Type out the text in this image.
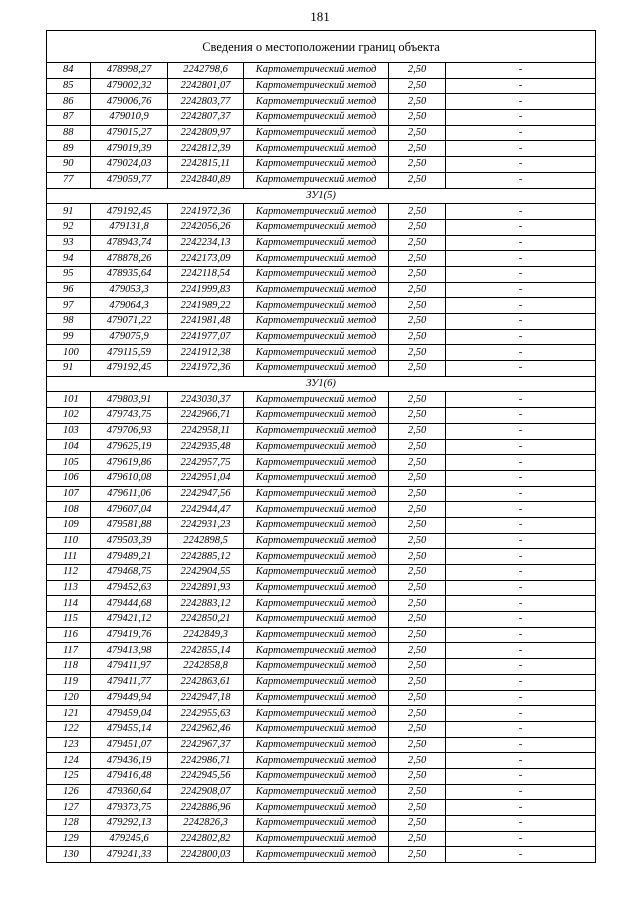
181
Сведения о местоположении границ объекта					
84	478998,27	2242798,6	Картометрический метод	2,50	-
85	479002,32	2242801,07	Картометрический метод	2,50	-
86	479006,76	2242803,77	Картометрический метод	2,50	-
87	479010,9	2242807,37	Картометрический метод	2,50	-
88	479015,27	2242809,97	Картометрический метод	2,50	-
89	479019,39	2242812,39	Картометрический метод	2,50	-
90	479024,03	2242815,11	Картометрический метод	2,50	-
77	479059,77	2242840,89	Картометрический метод	2,50	-
ЗУ1(5)					
91	479192,45	2241972,36	Картометрический метод	2,50	-
92	479131,8	2242056,26	Картометрический метод	2,50	-
93	478943,74	2242234,13	Картометрический метод	2,50	-
94	478878,26	2242173,09	Картометрический метод	2,50	-
95	478935,64	2242118,54	Картометрический метод	2,50	-
96	479053,3	2241999,83	Картометрический метод	2,50	-
97	479064,3	2241989,22	Картометрический метод	2,50	-
98	479071,22	2241981,48	Картометрический метод	2,50	-
99	479075,9	2241977,07	Картометрический метод	2,50	-
100	479115,59	2241912,38	Картометрический метод	2,50	-
91	479192,45	2241972,36	Картометрический метод	2,50	-
ЗУ1(6)					
101	479803,91	2243030,37	Картометрический метод	2,50	-
102	479743,75	2242966,71	Картометрический метод	2,50	-
103	479706,93	2242958,11	Картометрический метод	2,50	-
104	479625,19	2242935,48	Картометрический метод	2,50	-
105	479619,86	2242957,75	Картометрический метод	2,50	-
106	479610,08	2242951,04	Картометрический метод	2,50	-
107	479611,06	2242947,56	Картометрический метод	2,50	-
108	479607,04	2242944,47	Картометрический метод	2,50	-
109	479581,88	2242931,23	Картометрический метод	2,50	-
110	479503,39	2242898,5	Картометрический метод	2,50	-
111	479489,21	2242885,12	Картометрический метод	2,50	-
112	479468,75	2242904,55	Картометрический метод	2,50	-
113	479452,63	2242891,93	Картометрический метод	2,50	-
114	479444,68	2242883,12	Картометрический метод	2,50	-
115	479421,12	2242850,21	Картометрический метод	2,50	-
116	479419,76	2242849,3	Картометрический метод	2,50	-
117	479413,98	2242855,14	Картометрический метод	2,50	-
118	479411,97	2242858,8	Картометрический метод	2,50	-
119	479411,77	2242863,61	Картометрический метод	2,50	-
120	479449,94	2242947,18	Картометрический метод	2,50	-
121	479459,04	2242955,63	Картометрический метод	2,50	-
122	479455,14	2242962,46	Картометрический метод	2,50	-
123	479451,07	2242967,37	Картометрический метод	2,50	-
124	479436,19	2242986,71	Картометрический метод	2,50	-
125	479416,48	2242945,56	Картометрический метод	2,50	-
126	479360,64	2242908,07	Картометрический метод	2,50	-
127	479373,75	2242886,96	Картометрический метод	2,50	-
128	479292,13	2242826,3	Картометрический метод	2,50	-
129	479245,6	2242802,82	Картометрический метод	2,50	-
130	479241,33	2242800,03	Картометрический метод	2,50	-
